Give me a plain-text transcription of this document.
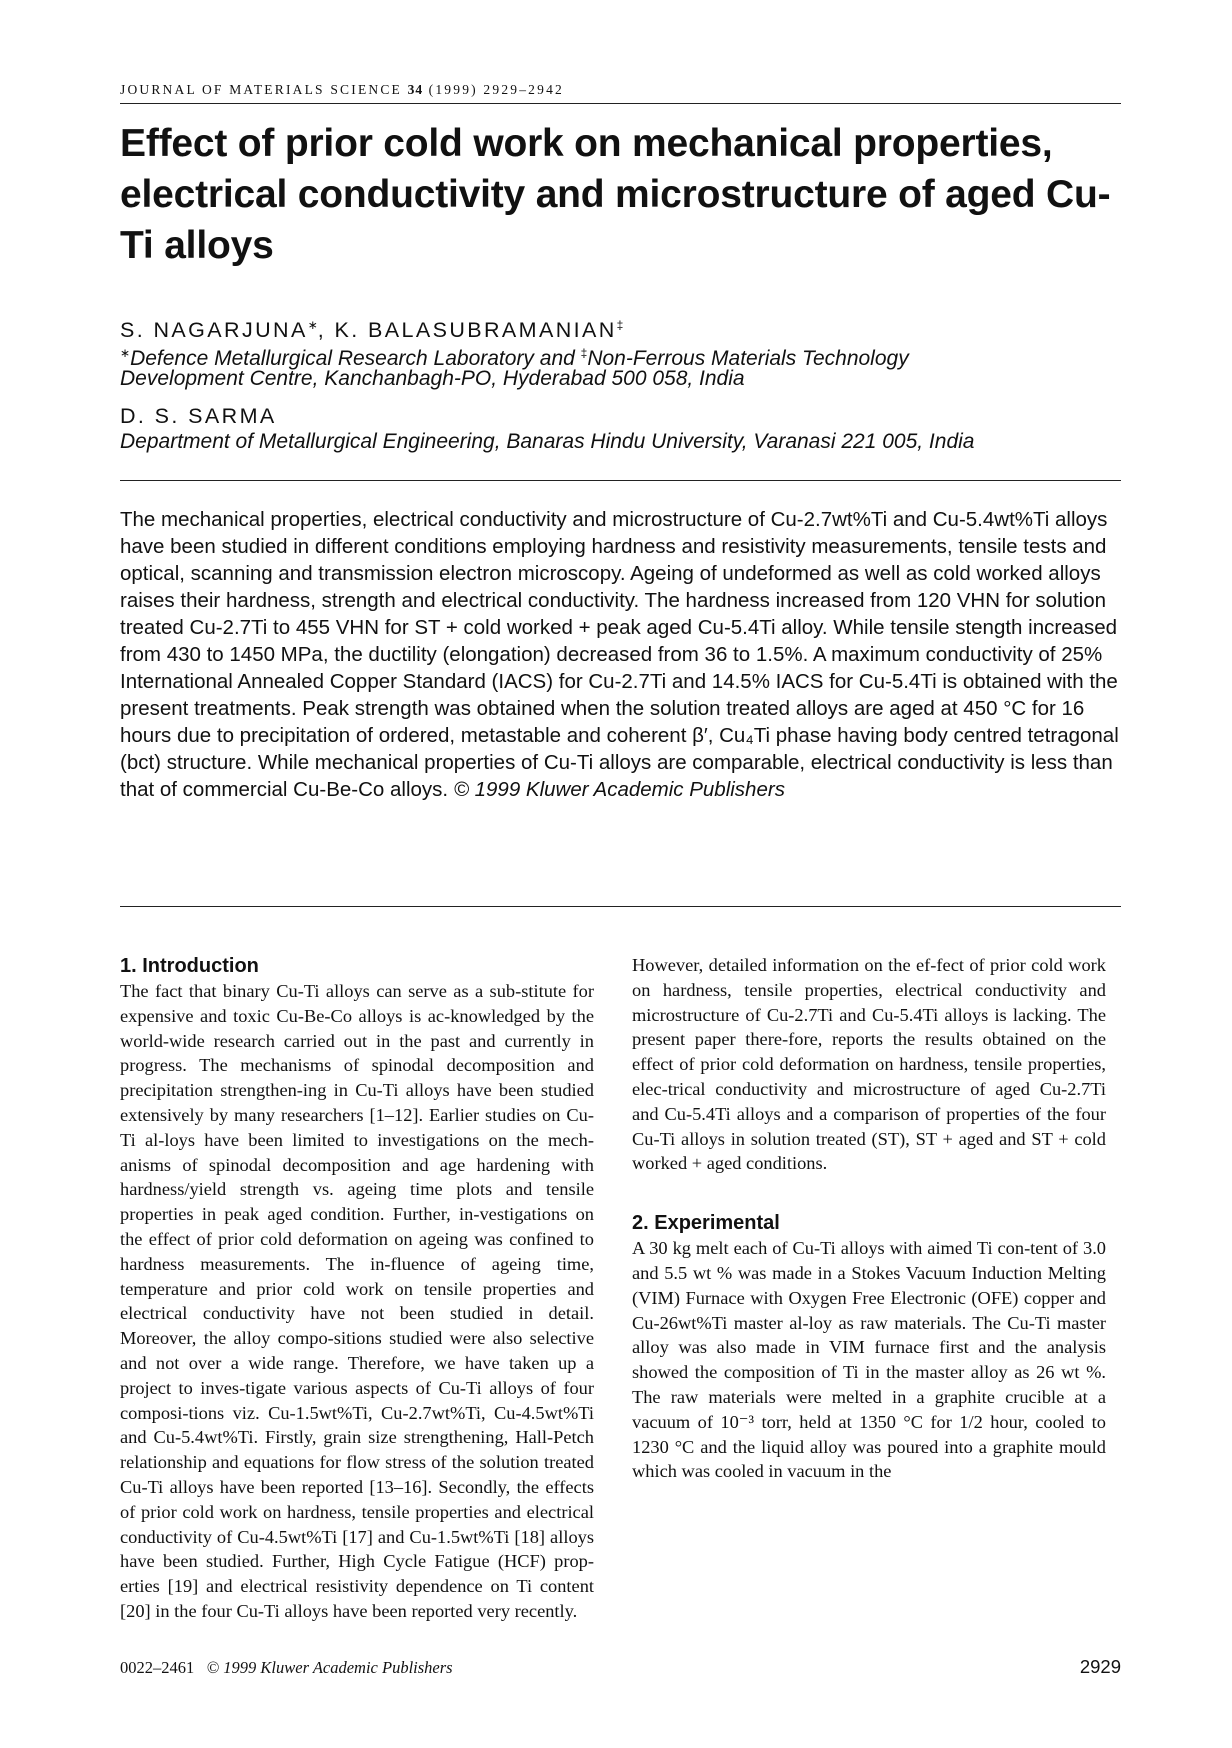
JOURNAL OF MATERIALS SCIENCE 34 (1999) 2929–2942
Effect of prior cold work on mechanical properties, electrical conductivity and microstructure of aged Cu-Ti alloys
S. NAGARJUNA∗, K. BALASUBRAMANIAN‡
∗Defence Metallurgical Research Laboratory and ‡Non-Ferrous Materials Technology
Development Centre, Kanchanbagh-PO, Hyderabad 500 058, India
D. S. SARMA
Department of Metallurgical Engineering, Banaras Hindu University, Varanasi 221 005, India
The mechanical properties, electrical conductivity and microstructure of Cu-2.7wt%Ti and Cu-5.4wt%Ti alloys have been studied in different conditions employing hardness and resistivity measurements, tensile tests and optical, scanning and transmission electron microscopy. Ageing of undeformed as well as cold worked alloys raises their hardness, strength and electrical conductivity. The hardness increased from 120 VHN for solution treated Cu-2.7Ti to 455 VHN for ST + cold worked + peak aged Cu-5.4Ti alloy. While tensile stength increased from 430 to 1450 MPa, the ductility (elongation) decreased from 36 to 1.5%. A maximum conductivity of 25% International Annealed Copper Standard (IACS) for Cu-2.7Ti and 14.5% IACS for Cu-5.4Ti is obtained with the present treatments. Peak strength was obtained when the solution treated alloys are aged at 450 °C for 16 hours due to precipitation of ordered, metastable and coherent β′, Cu₄Ti phase having body centred tetragonal (bct) structure. While mechanical properties of Cu-Ti alloys are comparable, electrical conductivity is less than that of commercial Cu-Be-Co alloys. © 1999 Kluwer Academic Publishers
1. Introduction

The fact that binary Cu-Ti alloys can serve as a sub-stitute for expensive and toxic Cu-Be-Co alloys is ac-knowledged by the world-wide research carried out in the past and currently in progress. The mechanisms of spinodal decomposition and precipitation strengthen-ing in Cu-Ti alloys have been studied extensively by many researchers [1–12]. Earlier studies on Cu-Ti al-loys have been limited to investigations on the mech-anisms of spinodal decomposition and age hardening with hardness/yield strength vs. ageing time plots and tensile properties in peak aged condition. Further, in-vestigations on the effect of prior cold deformation on ageing was confined to hardness measurements. The in-fluence of ageing time, temperature and prior cold work on tensile properties and electrical conductivity have not been studied in detail. Moreover, the alloy compo-sitions studied were also selective and not over a wide range. Therefore, we have taken up a project to inves-tigate various aspects of Cu-Ti alloys of four composi-tions viz. Cu-1.5wt%Ti, Cu-2.7wt%Ti, Cu-4.5wt%Ti and Cu-5.4wt%Ti. Firstly, grain size strengthening, Hall-Petch relationship and equations for flow stress of the solution treated Cu-Ti alloys have been reported [13–16]. Secondly, the effects of prior cold work on hardness, tensile properties and electrical conductivity of Cu-4.5wt%Ti [17] and Cu-1.5wt%Ti [18] alloys have been studied. Further, High Cycle Fatigue (HCF) prop-erties [19] and electrical resistivity dependence on Ti content [20] in the four Cu-Ti alloys have been reported very recently.

However, detailed information on the ef-fect of prior cold work on hardness, tensile properties, electrical conductivity and microstructure of Cu-2.7Ti and Cu-5.4Ti alloys is lacking. The present paper there-fore, reports the results obtained on the effect of prior cold deformation on hardness, tensile properties, elec-trical conductivity and microstructure of aged Cu-2.7Ti and Cu-5.4Ti alloys and a comparison of properties of the four Cu-Ti alloys in solution treated (ST), ST + aged and ST + cold worked + aged conditions.

2. Experimental

A 30 kg melt each of Cu-Ti alloys with aimed Ti con-tent of 3.0 and 5.5 wt % was made in a Stokes Vacuum Induction Melting (VIM) Furnace with Oxygen Free Electronic (OFE) copper and Cu-26wt%Ti master al-loy as raw materials. The Cu-Ti master alloy was also made in VIM furnace first and the analysis showed the composition of Ti in the master alloy as 26 wt %. The raw materials were melted in a graphite crucible at a vacuum of 10⁻³ torr, held at 1350 °C for 1/2 hour, cooled to 1230 °C and the liquid alloy was poured into a graphite mould which was cooled in vacuum in the

0022–2461 © 1999 Kluwer Academic Publishers	2929
